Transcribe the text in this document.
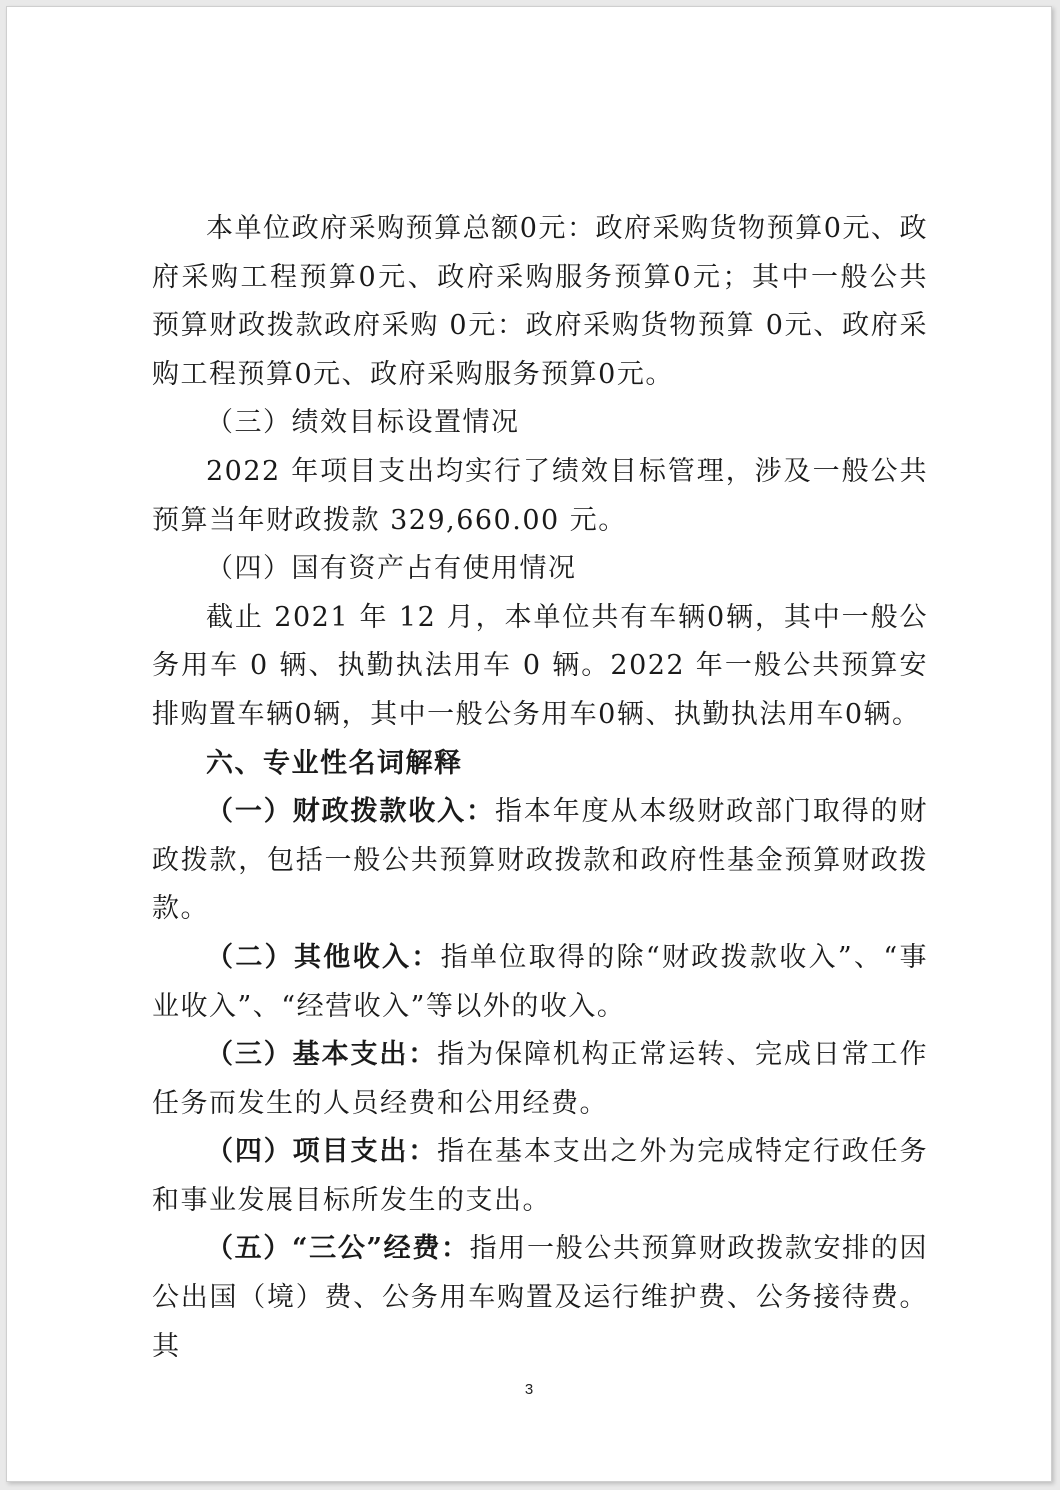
本单位政府采购预算总额0元：政府采购货物预算0元、政府采购工程预算0元、政府采购服务预算0元；其中一般公共预算财政拨款政府采购 0元：政府采购货物预算 0元、政府采购工程预算0元、政府采购服务预算0元。

（三）绩效目标设置情况

2022 年项目支出均实行了绩效目标管理，涉及一般公共预算当年财政拨款 329,660.00 元。

（四）国有资产占有使用情况

截止 2021 年 12 月，本单位共有车辆0辆，其中一般公务用车 0 辆、执勤执法用车 0 辆。2022 年一般公共预算安排购置车辆0辆，其中一般公务用车0辆、执勤执法用车0辆。

六、专业性名词解释

（一）财政拨款收入：指本年度从本级财政部门取得的财政拨款，包括一般公共预算财政拨款和政府性基金预算财政拨款。

（二）其他收入：指单位取得的除“财政拨款收入”、“事业收入”、“经营收入”等以外的收入。

（三）基本支出：指为保障机构正常运转、完成日常工作任务而发生的人员经费和公用经费。

（四）项目支出：指在基本支出之外为完成特定行政任务和事业发展目标所发生的支出。

（五）“三公”经费：指用一般公共预算财政拨款安排的因公出国（境）费、公务用车购置及运行维护费、公务接待费。其

3
